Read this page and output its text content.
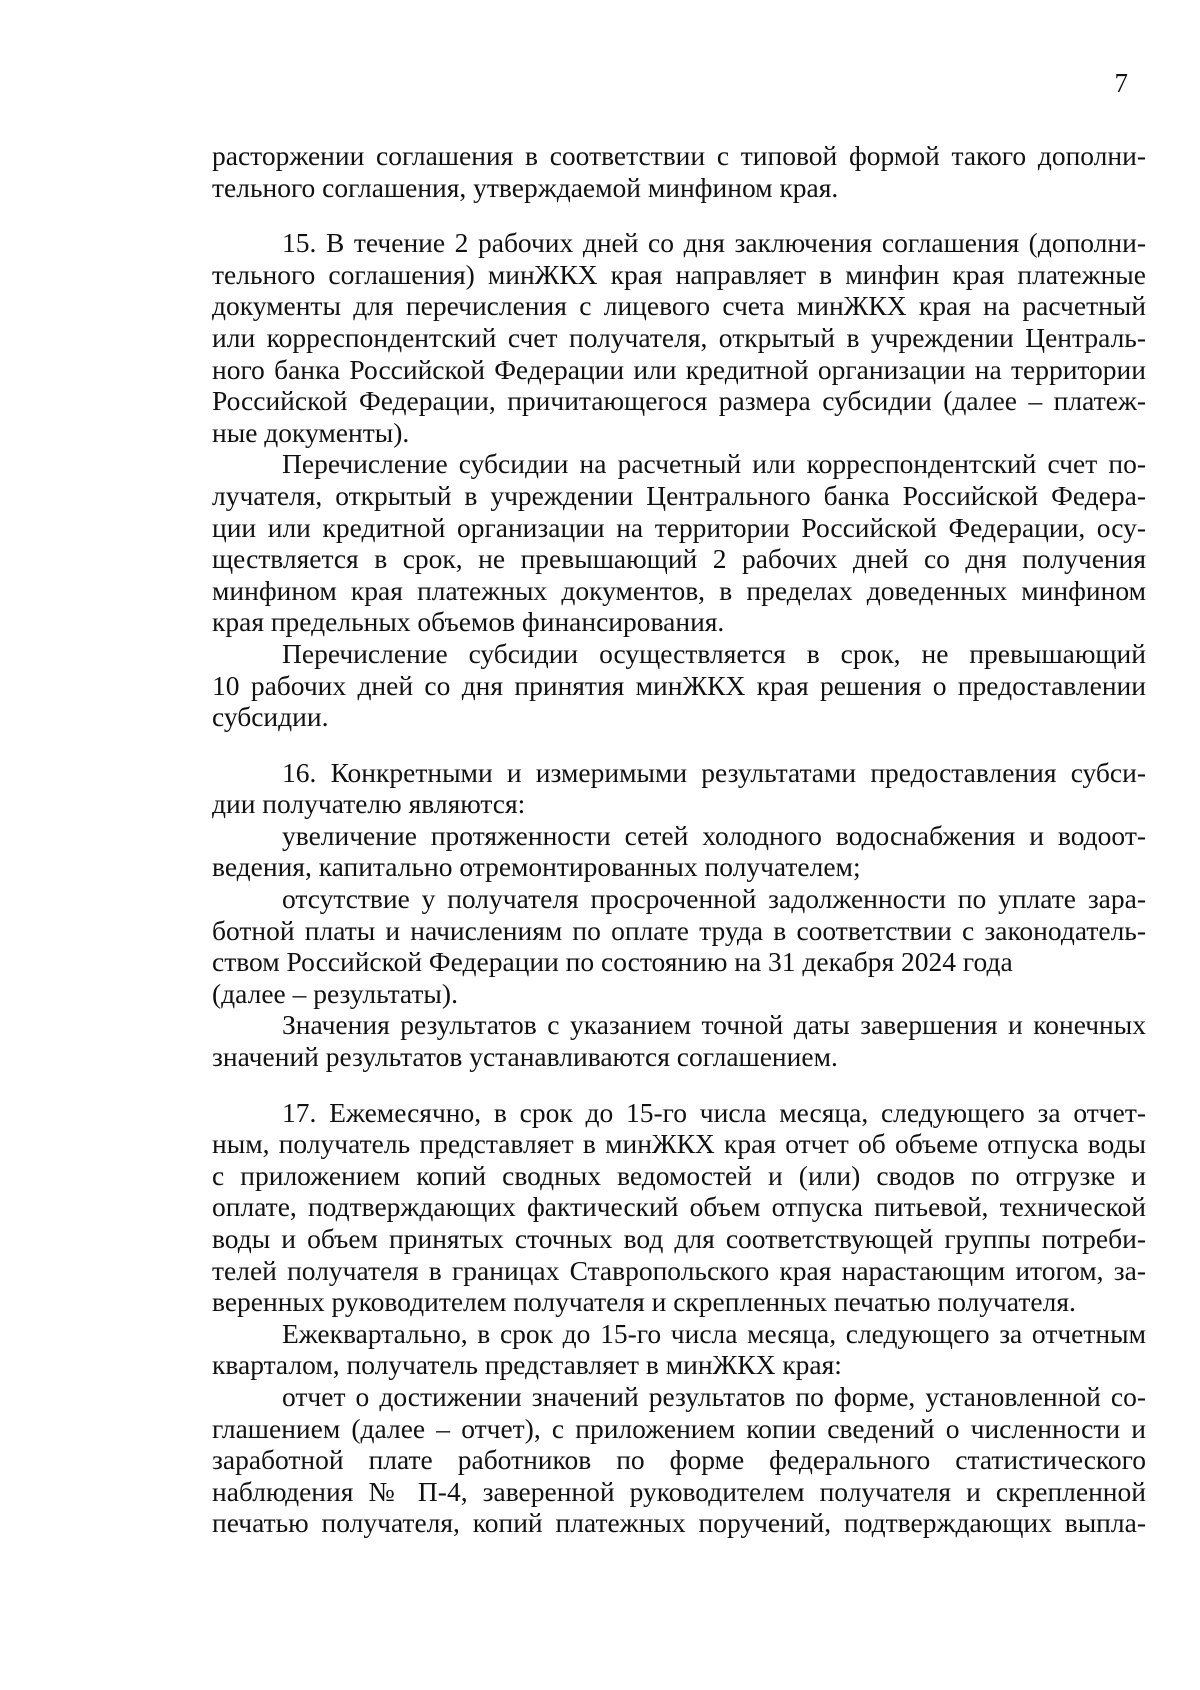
7
расторжении соглашения в соответствии с типовой формой такого дополни-
тельного соглашения, утверждаемой минфином края.
15. В течение 2 рабочих дней со дня заключения соглашения (дополни-
тельного соглашения) минЖКХ края направляет в минфин края платежные
документы для перечисления с лицевого счета минЖКХ края на расчетный
или корреспондентский счет получателя, открытый в учреждении Централь-
ного банка Российской Федерации или кредитной организации на территории
Российской Федерации, причитающегося размера субсидии (далее – платеж-
ные документы).
Перечисление субсидии на расчетный или корреспондентский счет по-
лучателя, открытый в учреждении Центрального банка Российской Федера-
ции или кредитной организации на территории Российской Федерации, осу-
ществляется в срок, не превышающий 2 рабочих дней со дня получения
минфином края платежных документов, в пределах доведенных минфином
края предельных объемов финансирования.
Перечисление субсидии осуществляется в срок, не превышающий
10 рабочих дней со дня принятия минЖКХ края решения о предоставлении
субсидии.
16. Конкретными и измеримыми результатами предоставления субси-
дии получателю являются:
увеличение протяженности сетей холодного водоснабжения и водоот-
ведения, капитально отремонтированных получателем;
отсутствие у получателя просроченной задолженности по уплате зара-
ботной платы и начислениям по оплате труда в соответствии с законодатель-
ством Российской Федерации по состоянию на 31 декабря 2024 года
(далее – результаты).
Значения результатов с указанием точной даты завершения и конечных
значений результатов устанавливаются соглашением.
17. Ежемесячно, в срок до 15-го числа месяца, следующего за отчет-
ным, получатель представляет в минЖКХ края отчет об объеме отпуска воды
с приложением копий сводных ведомостей и (или) сводов по отгрузке и
оплате, подтверждающих фактический объем отпуска питьевой, технической
воды и объем принятых сточных вод для соответствующей группы потреби-
телей получателя в границах Ставропольского края нарастающим итогом, за-
веренных руководителем получателя и скрепленных печатью получателя.
Ежеквартально, в срок до 15-го числа месяца, следующего за отчетным
кварталом, получатель представляет в минЖКХ края:
отчет о достижении значений результатов по форме, установленной со-
глашением (далее – отчет), с приложением копии сведений о численности и
заработной плате работников по форме федерального статистического
наблюдения № П-4, заверенной руководителем получателя и скрепленной
печатью получателя, копий платежных поручений, подтверждающих выпла-
